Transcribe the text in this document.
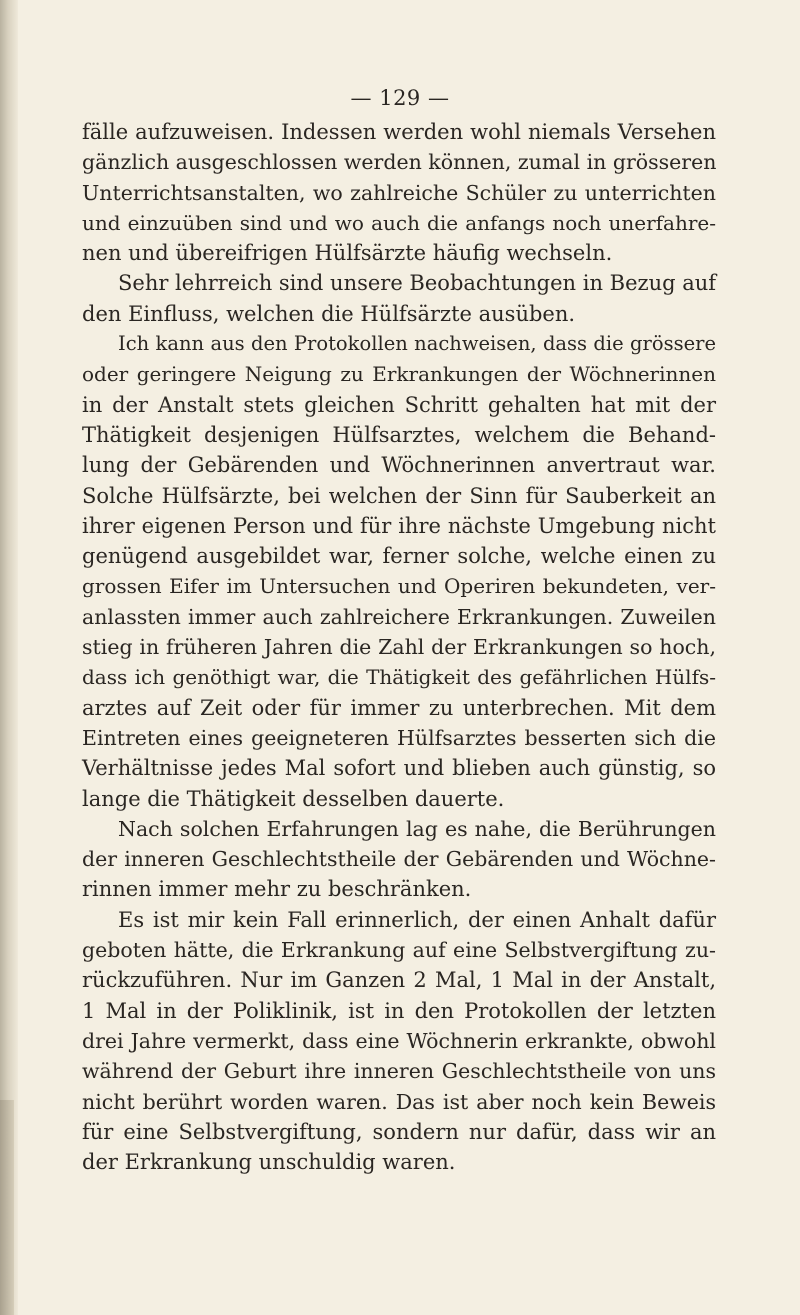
— 129 —
fälle aufzuweisen. Indessen werden wohl niemals Versehen
gänzlich ausgeschlossen werden können, zumal in grösseren
Unterrichtsanstalten, wo zahlreiche Schüler zu unterrichten
und einzuüben sind und wo auch die anfangs noch unerfahre-
nen und übereifrigen Hülfsärzte häufig wechseln.
Sehr lehrreich sind unsere Beobachtungen in Bezug auf
den Einfluss, welchen die Hülfsärzte ausüben.
Ich kann aus den Protokollen nachweisen, dass die grössere
oder geringere Neigung zu Erkrankungen der Wöchnerinnen
in der Anstalt stets gleichen Schritt gehalten hat mit der
Thätigkeit desjenigen Hülfsarztes, welchem die Behand-
lung der Gebärenden und Wöchnerinnen anvertraut war.
Solche Hülfsärzte, bei welchen der Sinn für Sauberkeit an
ihrer eigenen Person und für ihre nächste Umgebung nicht
genügend ausgebildet war, ferner solche, welche einen zu
grossen Eifer im Untersuchen und Operiren bekundeten, ver-
anlassten immer auch zahlreichere Erkrankungen. Zuweilen
stieg in früheren Jahren die Zahl der Erkrankungen so hoch,
dass ich genöthigt war, die Thätigkeit des gefährlichen Hülfs-
arztes auf Zeit oder für immer zu unterbrechen. Mit dem
Eintreten eines geeigneteren Hülfsarztes besserten sich die
Verhältnisse jedes Mal sofort und blieben auch günstig, so
lange die Thätigkeit desselben dauerte.
Nach solchen Erfahrungen lag es nahe, die Berührungen
der inneren Geschlechtstheile der Gebärenden und Wöchne-
rinnen immer mehr zu beschränken.
Es ist mir kein Fall erinnerlich, der einen Anhalt dafür
geboten hätte, die Erkrankung auf eine Selbstvergiftung zu-
rückzuführen. Nur im Ganzen 2 Mal, 1 Mal in der Anstalt,
1 Mal in der Poliklinik, ist in den Protokollen der letzten
drei Jahre vermerkt, dass eine Wöchnerin erkrankte, obwohl
während der Geburt ihre inneren Geschlechtstheile von uns
nicht berührt worden waren. Das ist aber noch kein Beweis
für eine Selbstvergiftung, sondern nur dafür, dass wir an
der Erkrankung unschuldig waren.
